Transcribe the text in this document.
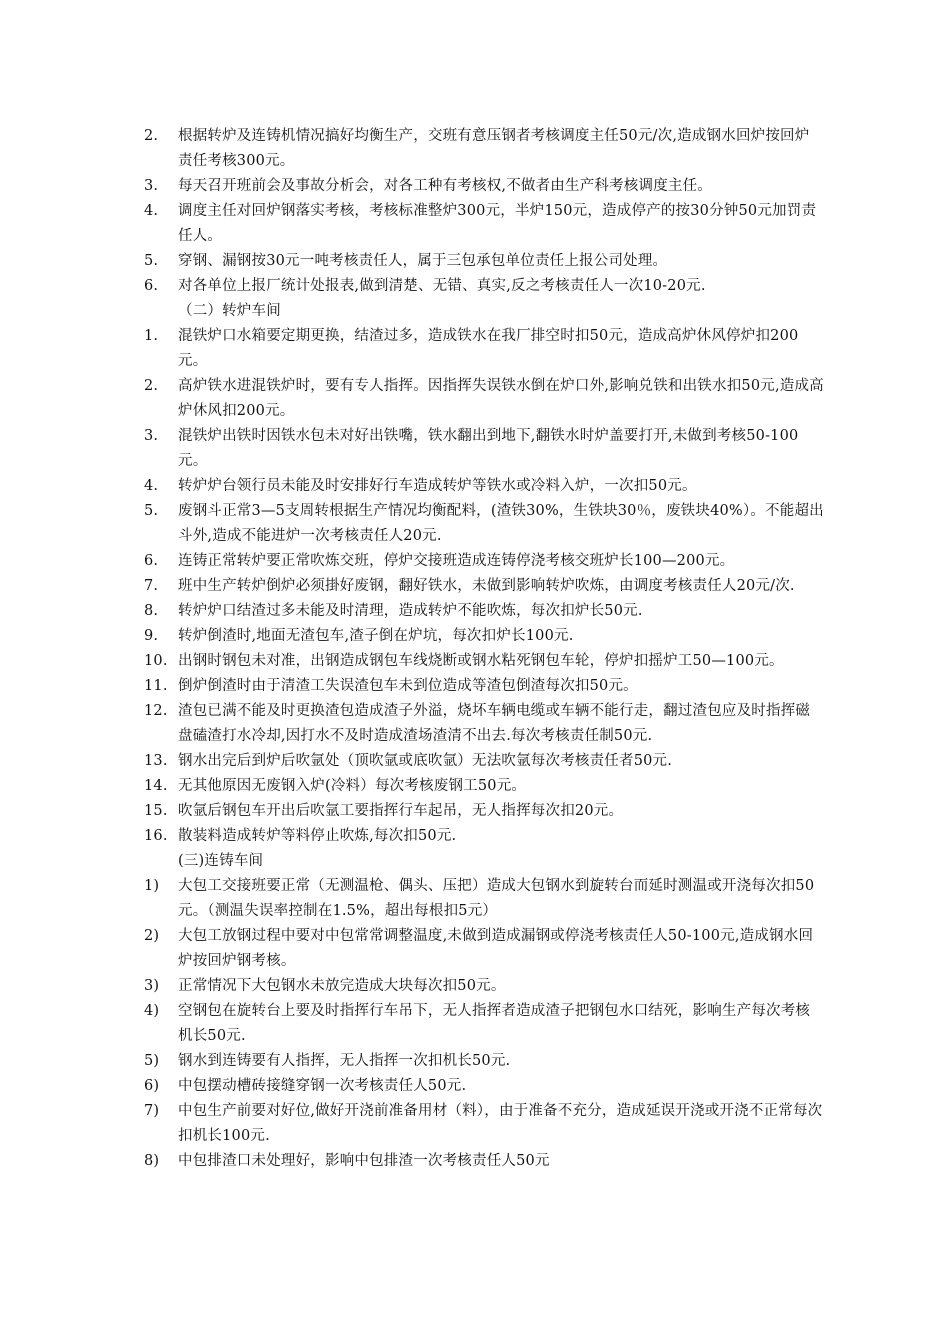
2.	根据转炉及连铸机情况搞好均衡生产，交班有意压钢者考核调度主任50元/次,造成钢水回炉按回炉责任考核300元。
3.	每天召开班前会及事故分析会，对各工种有考核权,不做者由生产科考核调度主任。
4.	调度主任对回炉钢落实考核，考核标准整炉300元，半炉150元，造成停产的按30分钟50元加罚责任人。
5.	穿钢、漏钢按30元一吨考核责任人，属于三包承包单位责任上报公司处理。
6.	对各单位上报厂统计处报表,做到清楚、无错、真实,反之考核责任人一次10-20元.
（二）转炉车间
1.	混铁炉口水箱要定期更换，结渣过多，造成铁水在我厂排空时扣50元，造成高炉休风停炉扣200元。
2.	高炉铁水进混铁炉时，要有专人指挥。因指挥失误铁水倒在炉口外,影响兑铁和出铁水扣50元,造成高炉休风扣200元。
3.	混铁炉出铁时因铁水包未对好出铁嘴，铁水翻出到地下,翻铁水时炉盖要打开,未做到考核50-100元。
4.	转炉炉台领行员未能及时安排好行车造成转炉等铁水或冷料入炉，一次扣50元。
5.	废钢斗正常3—5支周转根据生产情况均衡配料，(渣铁30%，生铁块30％，废铁块40%）。不能超出斗外,造成不能进炉一次考核责任人20元.
6.	连铸正常转炉要正常吹炼交班，停炉交接班造成连铸停浇考核交班炉长100—200元。
7.	班中生产转炉倒炉必须掛好废钢，翻好铁水，未做到影响转炉吹炼，由调度考核责任人20元/次.
8.	转炉炉口结渣过多未能及时清理，造成转炉不能吹炼，每次扣炉长50元.
9.	转炉倒渣时,地面无渣包车,渣子倒在炉坑，每次扣炉长100元.
10. 出钢时钢包未对准，出钢造成钢包车线烧断或钢水粘死钢包车轮，停炉扣摇炉工50—100元。
11. 倒炉倒渣时由于清渣工失误渣包车未到位造成等渣包倒渣每次扣50元。
12. 渣包已满不能及时更换渣包造成渣子外溢，烧坏车辆电缆或车辆不能行走，翻过渣包应及时指挥磁盘磕渣打水冷却,因打水不及时造成渣场渣清不出去.每次考核责任制50元.
13. 钢水出完后到炉后吹氩处（顶吹氩或底吹氩）无法吹氩每次考核责任者50元.
14. 无其他原因无废钢入炉(冷料）每次考核废钢工50元。
15. 吹氩后钢包车开出后吹氩工要指挥行车起吊，无人指挥每次扣20元。
16. 散装料造成转炉等料停止吹炼,每次扣50元.
(三)连铸车间
1)	大包工交接班要正常（无测温枪、偶头、压把）造成大包钢水到旋转台而延时测温或开浇每次扣50元。（测温失误率控制在1.5%，超出每根扣5元）
2)	大包工放钢过程中要对中包常常调整温度,未做到造成漏钢或停浇考核责任人50-100元,造成钢水回炉按回炉钢考核。
3)	正常情况下大包钢水未放完造成大块每次扣50元。
4)	空钢包在旋转台上要及时指挥行车吊下，无人指挥者造成渣子把钢包水口结死，影响生产每次考核机长50元.
5)	钢水到连铸要有人指挥，无人指挥一次扣机长50元.
6)	中包摆动槽砖接缝穿钢一次考核责任人50元.
7)	中包生产前要对好位,做好开浇前准备用材（料），由于准备不充分，造成延误开浇或开浇不正常每次扣机长100元.
8)	中包排渣口未处理好，影响中包排渣一次考核责任人50元
